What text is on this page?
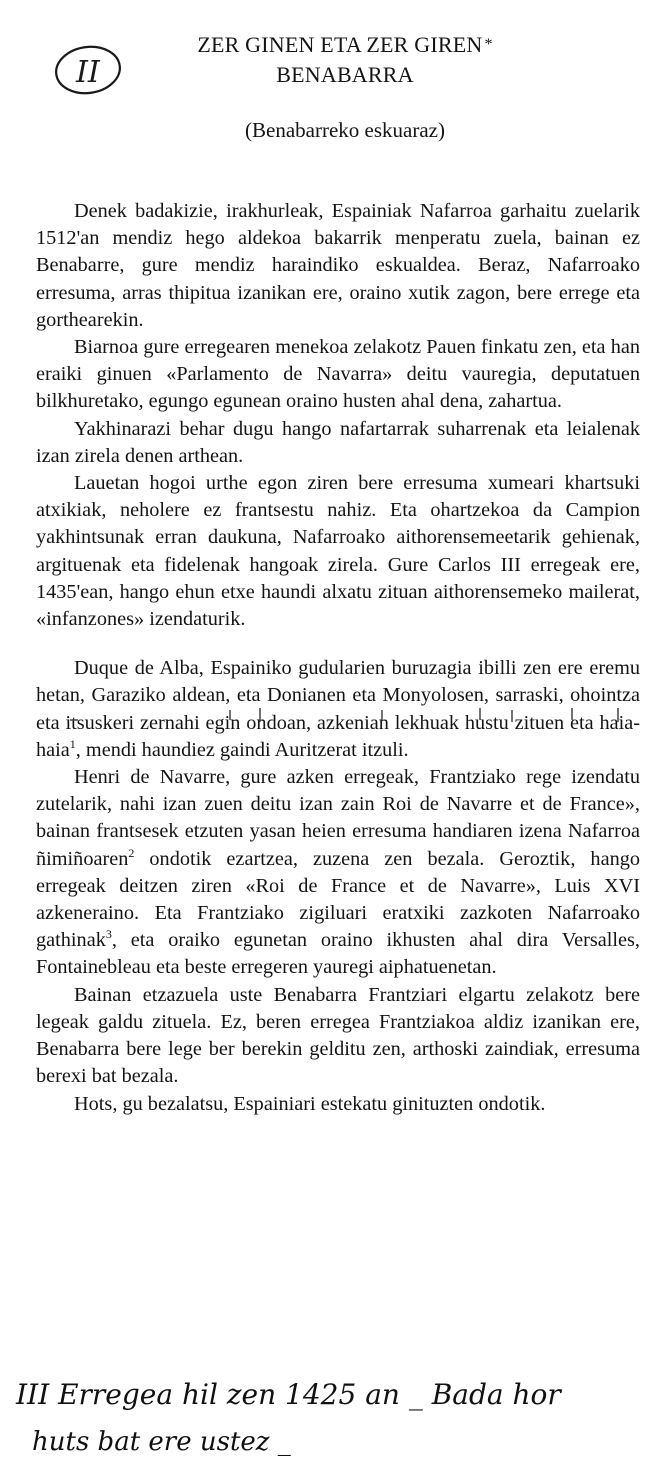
II
ZER GINEN ETA ZER GIREN *
BENABARRA

(Benabarreko eskuaraz)

Denek badakizie, irakhurleak, Espainiak Nafarroa garhaitu zuelarik 1512'an mendiz hego aldekoa bakarrik menperatu zuela, bainan ez Benabarre, gure mendiz haraindiko eskualdea. Beraz, Nafarroako erresuma, arras thipitua izanikan ere, oraino xutik zagon, bere errege eta gorthearekin.

Biarnoa gure erregearen menekoa zelakotz Pauen finkatu zen, eta han eraiki ginuen «Parlamento de Navarra» deitu vauregia, deputatuen bilkhuretako, egungo egunean oraino husten ahal dena, zahartua.

Yakhinarazi behar dugu hango nafartarrak suharrenak eta leialenak izan zirela denen arthean.

Lauetan hogoi urthe egon ziren bere erresuma xumeari khartsuki atxikiak, neholere ez frantsestu nahiz. Eta ohartzekoa da Campion yakhintsunak erran daukuna, Nafarroako aithorensemeetarik gehienak, argituenak eta fidelenak hangoak zirela. Gure Carlos III erregeak ere, 1435'ean, hango ehun etxe haundi alxatu zituan aithorensemeko mailerat, «infanzones» izendaturik.

Duque de Alba, Espainiko gudularien buruzagia ibilli zen ere eremu hetan, Garaziko aldean, eta Donianen eta Monyolosen, sarraski, ohointza eta itsuskeri zernahi egin ondoan, azkenian lekhuak hustu zituen eta haia-haia$^1$, mendi haundiez gaindi Auritzerat itzuli.

Henri de Navarre, gure azken erregeak, Frantziako rege izendatu zutelarik, nahi izan zuen deitu izan zain Roi de Navarre et de France», bainan frantsesek etzuten yasan heien erresuma handiaren izena Nafarroa ñimiñoaren$^2$ ondotik ezartzea, zuzena zen bezala. Geroztik, hango erregeak deitzen ziren «Roi de France et de Navarre», Luis XVI azkeneraino. Eta Frantziako zigiluari eratxiki zazkoten Nafarroako gathinak$^3$, eta oraiko egunetan oraino ikhusten ahal dira Versalles, Fontainebleau eta beste erregeren yauregi aiphatuenetan.

Bainan etzazuela uste Benabarra Frantziari elgartu zelakotz bere legeak galdu zituela. Ez, beren erregea Frantziakoa aldiz izanikan ere, Benabarra bere lege ber berekin gelditu zen, arthoski zaindiak, erresuma berexi bat bezala.

Hots, gu bezalatsu, Espainiari estekatu ginituzten ondotik.

III Erregea hil zen 1425 an _ Bada hor
huts bat ere ustez _
